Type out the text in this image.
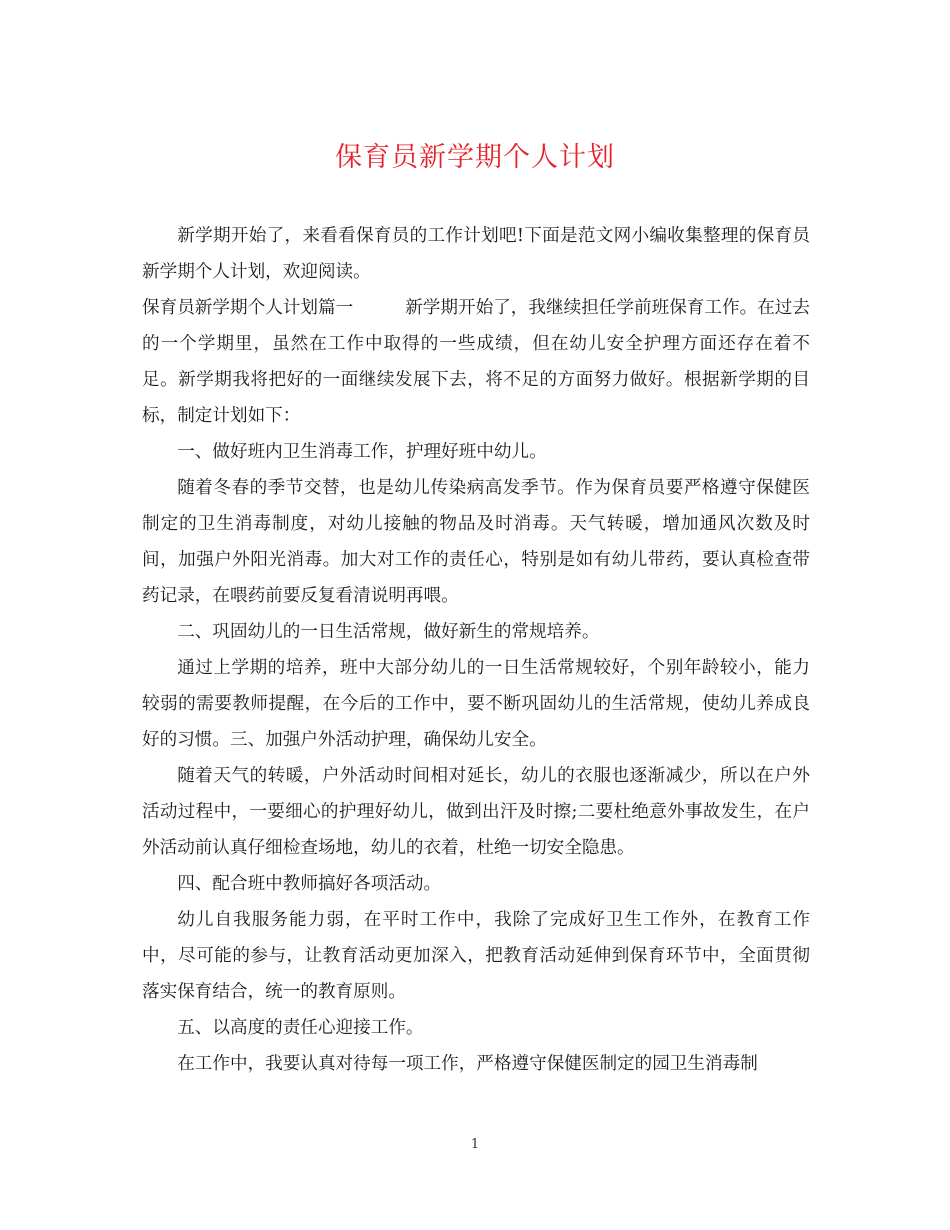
保育员新学期个人计划

新学期开始了，来看看保育员的工作计划吧!下面是范文网小编收集整理的保育员新学期个人计划，欢迎阅读。

保育员新学期个人计划篇一	新学期开始了，我继续担任学前班保育工作。在过去的一个学期里，虽然在工作中取得的一些成绩，但在幼儿安全护理方面还存在着不足。新学期我将把好的一面继续发展下去，将不足的方面努力做好。根据新学期的目标，制定计划如下：

一、做好班内卫生消毒工作，护理好班中幼儿。

随着冬春的季节交替，也是幼儿传染病高发季节。作为保育员要严格遵守保健医制定的卫生消毒制度，对幼儿接触的物品及时消毒。天气转暖，增加通风次数及时间，加强户外阳光消毒。加大对工作的责任心，特别是如有幼儿带药，要认真检查带药记录，在喂药前要反复看清说明再喂。

二、巩固幼儿的一日生活常规，做好新生的常规培养。

通过上学期的培养，班中大部分幼儿的一日生活常规较好，个别年龄较小，能力较弱的需要教师提醒，在今后的工作中，要不断巩固幼儿的生活常规，使幼儿养成良好的习惯。三、加强户外活动护理，确保幼儿安全。

随着天气的转暖，户外活动时间相对延长，幼儿的衣服也逐渐减少，所以在户外活动过程中，一要细心的护理好幼儿，做到出汗及时擦;二要杜绝意外事故发生，在户外活动前认真仔细检查场地，幼儿的衣着，杜绝一切安全隐患。

四、配合班中教师搞好各项活动。

幼儿自我服务能力弱，在平时工作中，我除了完成好卫生工作外，在教育工作中，尽可能的参与，让教育活动更加深入，把教育活动延伸到保育环节中，全面贯彻落实保育结合，统一的教育原则。

五、以高度的责任心迎接工作。

在工作中，我要认真对待每一项工作，严格遵守保健医制定的园卫生消毒制

1
